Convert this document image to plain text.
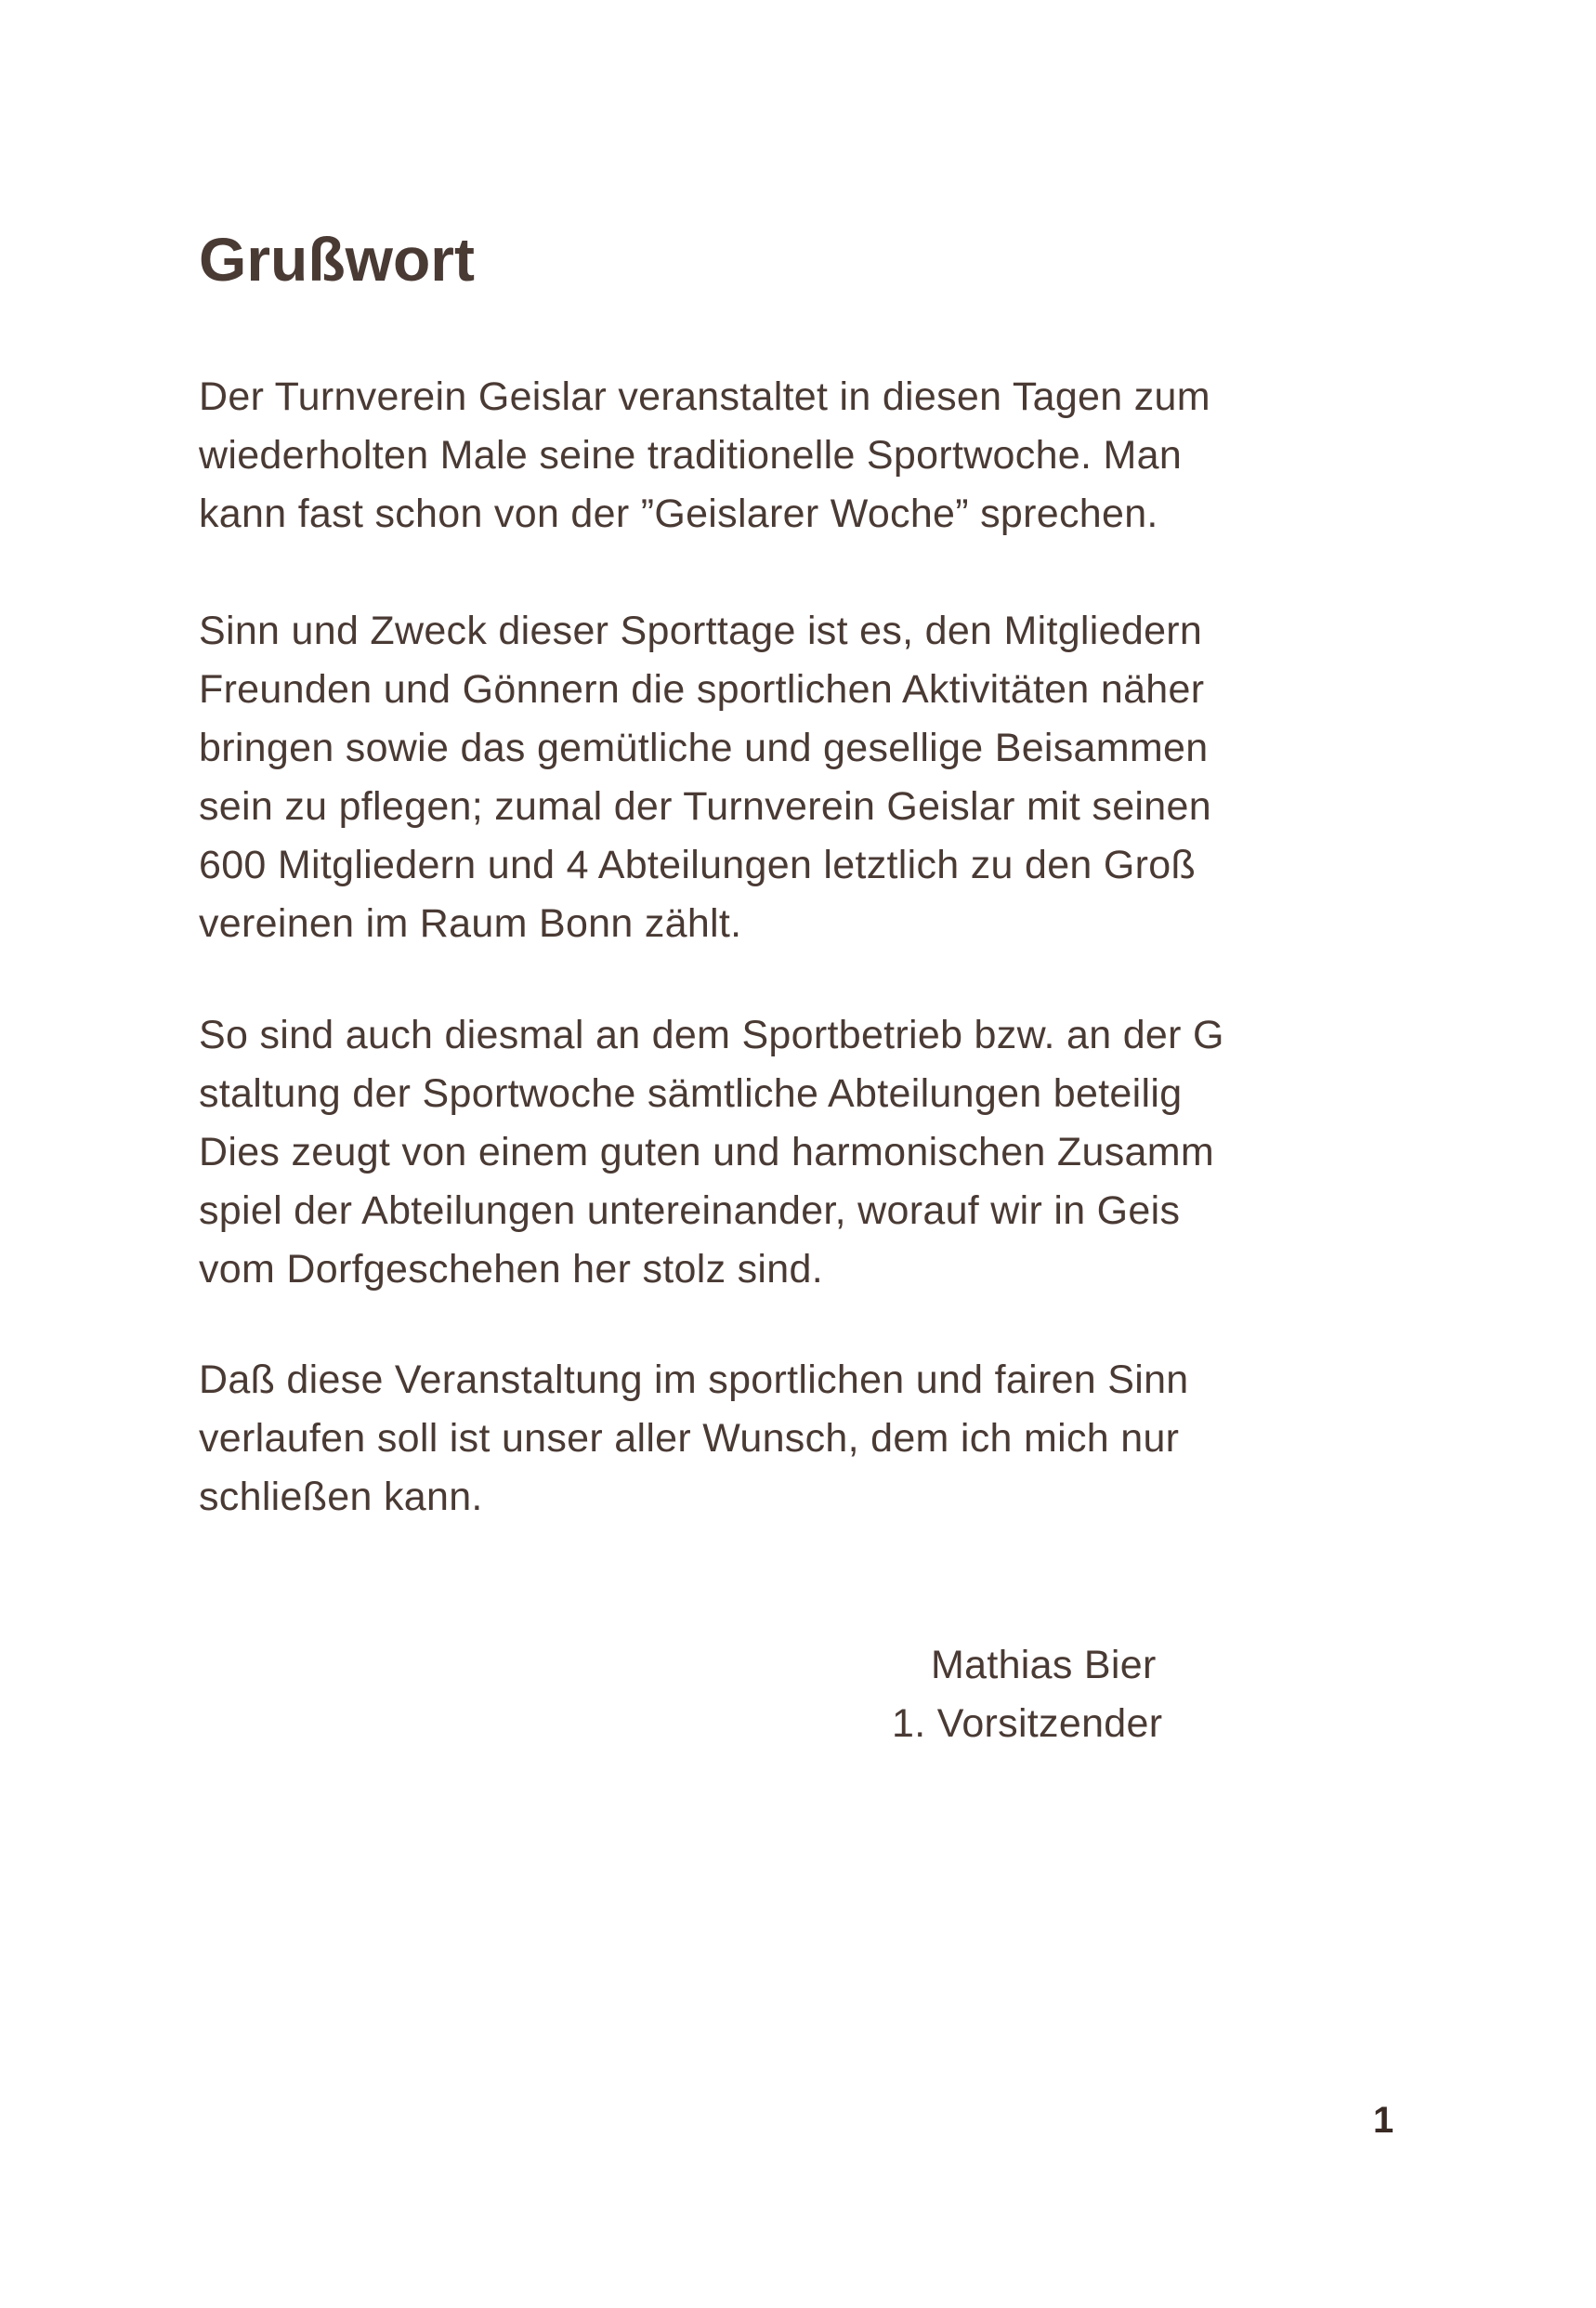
Grußwort
Der Turnverein Geislar veranstaltet in diesen Tagen zum
wiederholten Male seine traditionelle Sportwoche. Man
kann fast schon von der ”Geislarer Woche” sprechen.
Sinn und Zweck dieser Sporttage ist es, den Mitgliedern
Freunden und Gönnern die sportlichen Aktivitäten näher
bringen sowie das gemütliche und gesellige Beisammen
sein zu pflegen; zumal der Turnverein Geislar mit seinen
600 Mitgliedern und 4 Abteilungen letztlich zu den Groß
vereinen im Raum Bonn zählt.
So sind auch diesmal an dem Sportbetrieb bzw. an der G
staltung der Sportwoche sämtliche Abteilungen beteilig
Dies zeugt von einem guten und harmonischen Zusamm
spiel der Abteilungen untereinander, worauf wir in Geis
vom Dorfgeschehen her stolz sind.
Daß diese Veranstaltung im sportlichen und fairen Sinn
verlaufen soll ist unser aller Wunsch, dem ich mich nur
schließen kann.
Mathias Bier
1. Vorsitzender
1
